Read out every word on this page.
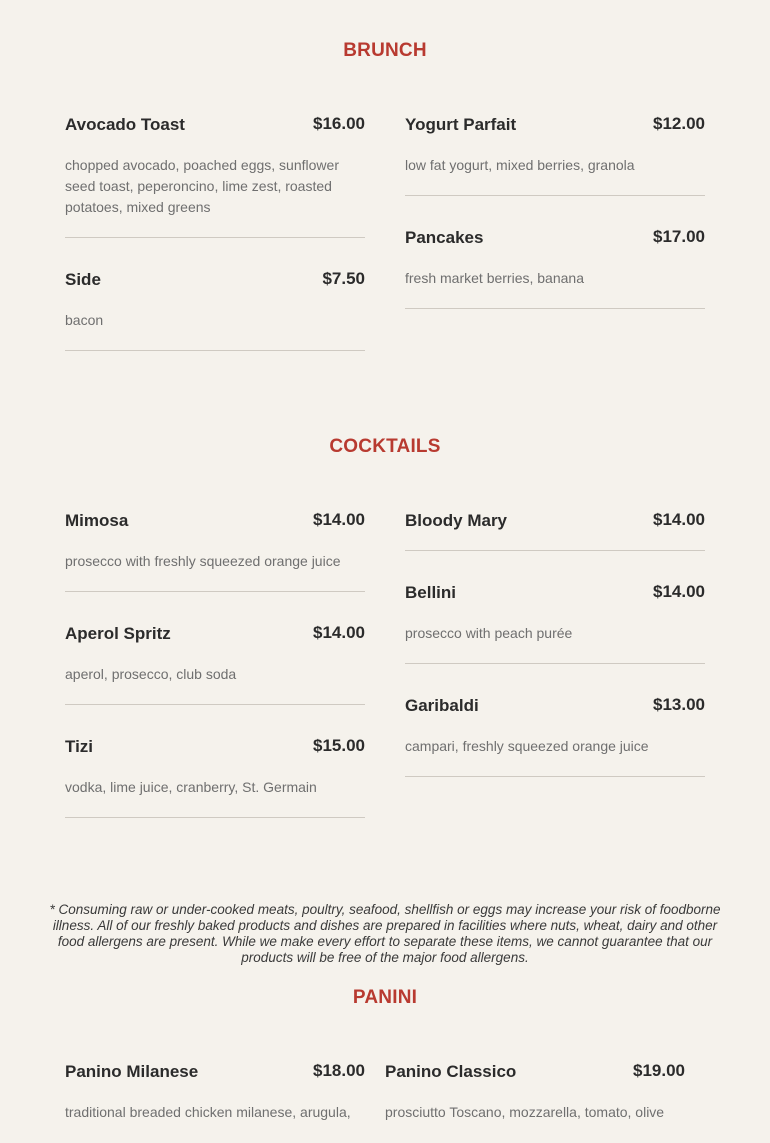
BRUNCH
Avocado Toast	$16.00
chopped avocado, poached eggs, sunflower seed toast, peperoncino, lime zest, roasted potatoes, mixed greens
Yogurt Parfait	$12.00
low fat yogurt, mixed berries, granola
Pancakes	$17.00
fresh market berries, banana
Side	$7.50
bacon
COCKTAILS
Mimosa	$14.00
prosecco with freshly squeezed orange juice
Bloody Mary	$14.00
Bellini	$14.00
prosecco with peach purée
Aperol Spritz	$14.00
aperol, prosecco, club soda
Garibaldi	$13.00
campari, freshly squeezed orange juice
Tizi	$15.00
vodka, lime juice, cranberry, St. Germain
* Consuming raw or under-cooked meats, poultry, seafood, shellfish or eggs may increase your risk of foodborne illness. All of our freshly baked products and dishes are prepared in facilities where nuts, wheat, dairy and other food allergens are present. While we make every effort to separate these items, we cannot guarantee that our products will be free of the major food allergens.
PANINI
Panino Milanese	$18.00
traditional breaded chicken milanese, arugula,
Panino Classico	$19.00
prosciutto Toscano, mozzarella, tomato, olive
